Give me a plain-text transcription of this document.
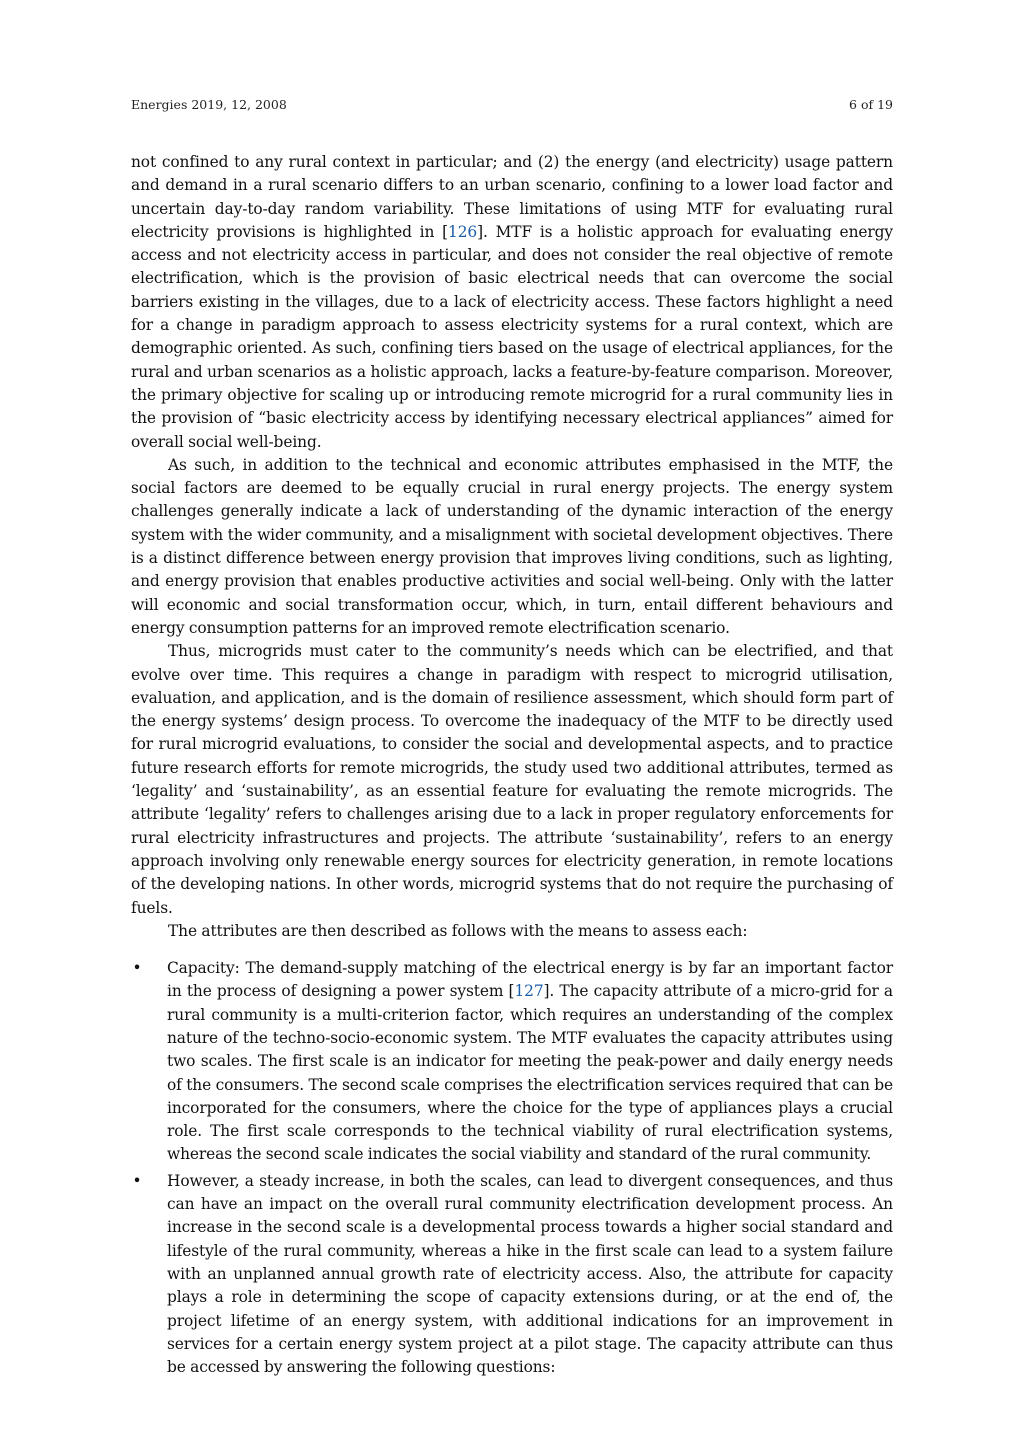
Energies 2019, 12, 2008	6 of 19

not confined to any rural context in particular; and (2) the energy (and electricity) usage pattern and demand in a rural scenario differs to an urban scenario, confining to a lower load factor and uncertain day-to-day random variability. These limitations of using MTF for evaluating rural electricity provisions is highlighted in [126]. MTF is a holistic approach for evaluating energy access and not electricity access in particular, and does not consider the real objective of remote electrification, which is the provision of basic electrical needs that can overcome the social barriers existing in the villages, due to a lack of electricity access. These factors highlight a need for a change in paradigm approach to assess electricity systems for a rural context, which are demographic oriented. As such, confining tiers based on the usage of electrical appliances, for the rural and urban scenarios as a holistic approach, lacks a feature-by-feature comparison. Moreover, the primary objective for scaling up or introducing remote microgrid for a rural community lies in the provision of “basic electricity access by identifying necessary electrical appliances” aimed for overall social well-being.

As such, in addition to the technical and economic attributes emphasised in the MTF, the social factors are deemed to be equally crucial in rural energy projects. The energy system challenges generally indicate a lack of understanding of the dynamic interaction of the energy system with the wider community, and a misalignment with societal development objectives. There is a distinct difference between energy provision that improves living conditions, such as lighting, and energy provision that enables productive activities and social well-being. Only with the latter will economic and social transformation occur, which, in turn, entail different behaviours and energy consumption patterns for an improved remote electrification scenario.

Thus, microgrids must cater to the community’s needs which can be electrified, and that evolve over time. This requires a change in paradigm with respect to microgrid utilisation, evaluation, and application, and is the domain of resilience assessment, which should form part of the energy systems’ design process. To overcome the inadequacy of the MTF to be directly used for rural microgrid evaluations, to consider the social and developmental aspects, and to practice future research efforts for remote microgrids, the study used two additional attributes, termed as ‘legality’ and ‘sustainability’, as an essential feature for evaluating the remote microgrids. The attribute ‘legality’ refers to challenges arising due to a lack in proper regulatory enforcements for rural electricity infrastructures and projects. The attribute ‘sustainability’, refers to an energy approach involving only renewable energy sources for electricity generation, in remote locations of the developing nations. In other words, microgrid systems that do not require the purchasing of fuels.

The attributes are then described as follows with the means to assess each:

• Capacity: The demand-supply matching of the electrical energy is by far an important factor in the process of designing a power system [127]. The capacity attribute of a micro-grid for a rural community is a multi-criterion factor, which requires an understanding of the complex nature of the techno-socio-economic system. The MTF evaluates the capacity attributes using two scales. The first scale is an indicator for meeting the peak-power and daily energy needs of the consumers. The second scale comprises the electrification services required that can be incorporated for the consumers, where the choice for the type of appliances plays a crucial role. The first scale corresponds to the technical viability of rural electrification systems, whereas the second scale indicates the social viability and standard of the rural community.
• However, a steady increase, in both the scales, can lead to divergent consequences, and thus can have an impact on the overall rural community electrification development process. An increase in the second scale is a developmental process towards a higher social standard and lifestyle of the rural community, whereas a hike in the first scale can lead to a system failure with an unplanned annual growth rate of electricity access. Also, the attribute for capacity plays a role in determining the scope of capacity extensions during, or at the end of, the project lifetime of an energy system, with additional indications for an improvement in services for a certain energy system project at a pilot stage. The capacity attribute can thus be accessed by answering the following questions:
